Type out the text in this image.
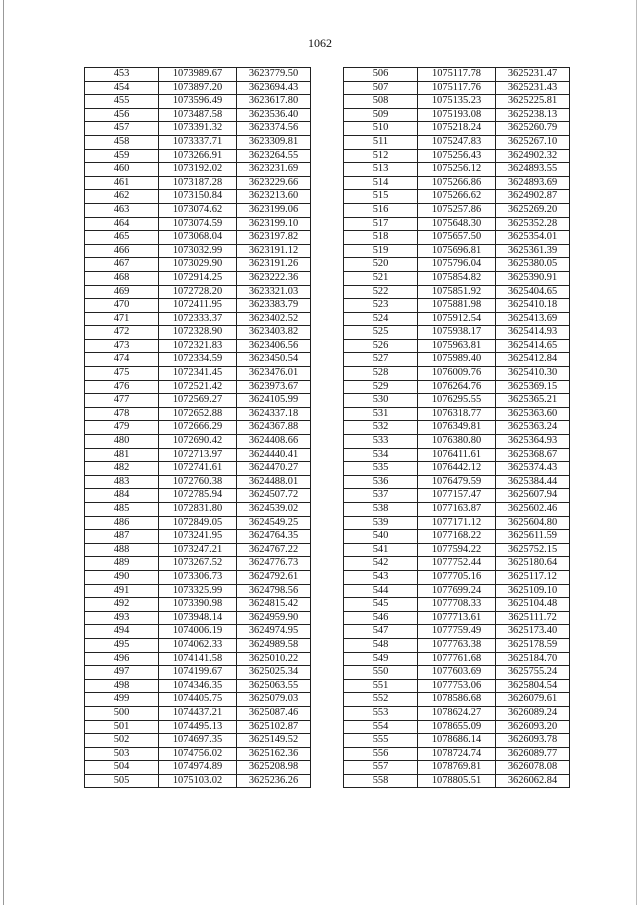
1062
453	1073989.67	3623779.50
454	1073897.20	3623694.43
455	1073596.49	3623617.80
456	1073487.58	3623536.40
457	1073391.32	3623374.56
458	1073337.71	3623309.81
459	1073266.91	3623264.55
460	1073192.02	3623231.69
461	1073187.28	3623229.66
462	1073150.84	3623213.60
463	1073074.62	3623199.06
464	1073074.59	3623199.10
465	1073068.04	3623197.82
466	1073032.99	3623191.12
467	1073029.90	3623191.26
468	1072914.25	3623222.36
469	1072728.20	3623321.03
470	1072411.95	3623383.79
471	1072333.37	3623402.52
472	1072328.90	3623403.82
473	1072321.83	3623406.56
474	1072334.59	3623450.54
475	1072341.45	3623476.01
476	1072521.42	3623973.67
477	1072569.27	3624105.99
478	1072652.88	3624337.18
479	1072666.29	3624367.88
480	1072690.42	3624408.66
481	1072713.97	3624440.41
482	1072741.61	3624470.27
483	1072760.38	3624488.01
484	1072785.94	3624507.72
485	1072831.80	3624539.02
486	1072849.05	3624549.25
487	1073241.95	3624764.35
488	1073247.21	3624767.22
489	1073267.52	3624776.73
490	1073306.73	3624792.61
491	1073325.99	3624798.56
492	1073390.98	3624815.42
493	1073948.14	3624959.90
494	1074006.19	3624974.95
495	1074062.33	3624989.58
496	1074141.58	3625010.22
497	1074199.67	3625025.34
498	1074346.35	3625063.55
499	1074405.75	3625079.03
500	1074437.21	3625087.46
501	1074495.13	3625102.87
502	1074697.35	3625149.52
503	1074756.02	3625162.36
504	1074974.89	3625208.98
505	1075103.02	3625236.26
506	1075117.78	3625231.47
507	1075117.76	3625231.43
508	1075135.23	3625225.81
509	1075193.08	3625238.13
510	1075218.24	3625260.79
511	1075247.83	3625267.10
512	1075256.43	3624902.32
513	1075256.12	3624893.55
514	1075266.86	3624893.69
515	1075266.62	3624902.87
516	1075257.86	3625269.20
517	1075648.30	3625352.28
518	1075657.50	3625354.01
519	1075696.81	3625361.39
520	1075796.04	3625380.05
521	1075854.82	3625390.91
522	1075851.92	3625404.65
523	1075881.98	3625410.18
524	1075912.54	3625413.69
525	1075938.17	3625414.93
526	1075963.81	3625414.65
527	1075989.40	3625412.84
528	1076009.76	3625410.30
529	1076264.76	3625369.15
530	1076295.55	3625365.21
531	1076318.77	3625363.60
532	1076349.81	3625363.24
533	1076380.80	3625364.93
534	1076411.61	3625368.67
535	1076442.12	3625374.43
536	1076479.59	3625384.44
537	1077157.47	3625607.94
538	1077163.87	3625602.46
539	1077171.12	3625604.80
540	1077168.22	3625611.59
541	1077594.22	3625752.15
542	1077752.44	3625180.64
543	1077705.16	3625117.12
544	1077699.24	3625109.10
545	1077708.33	3625104.48
546	1077713.61	3625111.72
547	1077759.49	3625173.40
548	1077763.38	3625178.59
549	1077761.68	3625184.70
550	1077603.69	3625755.24
551	1077753.06	3625804.54
552	1078586.68	3626079.61
553	1078624.27	3626089.24
554	1078655.09	3626093.20
555	1078686.14	3626093.78
556	1078724.74	3626089.77
557	1078769.81	3626078.08
558	1078805.51	3626062.84
